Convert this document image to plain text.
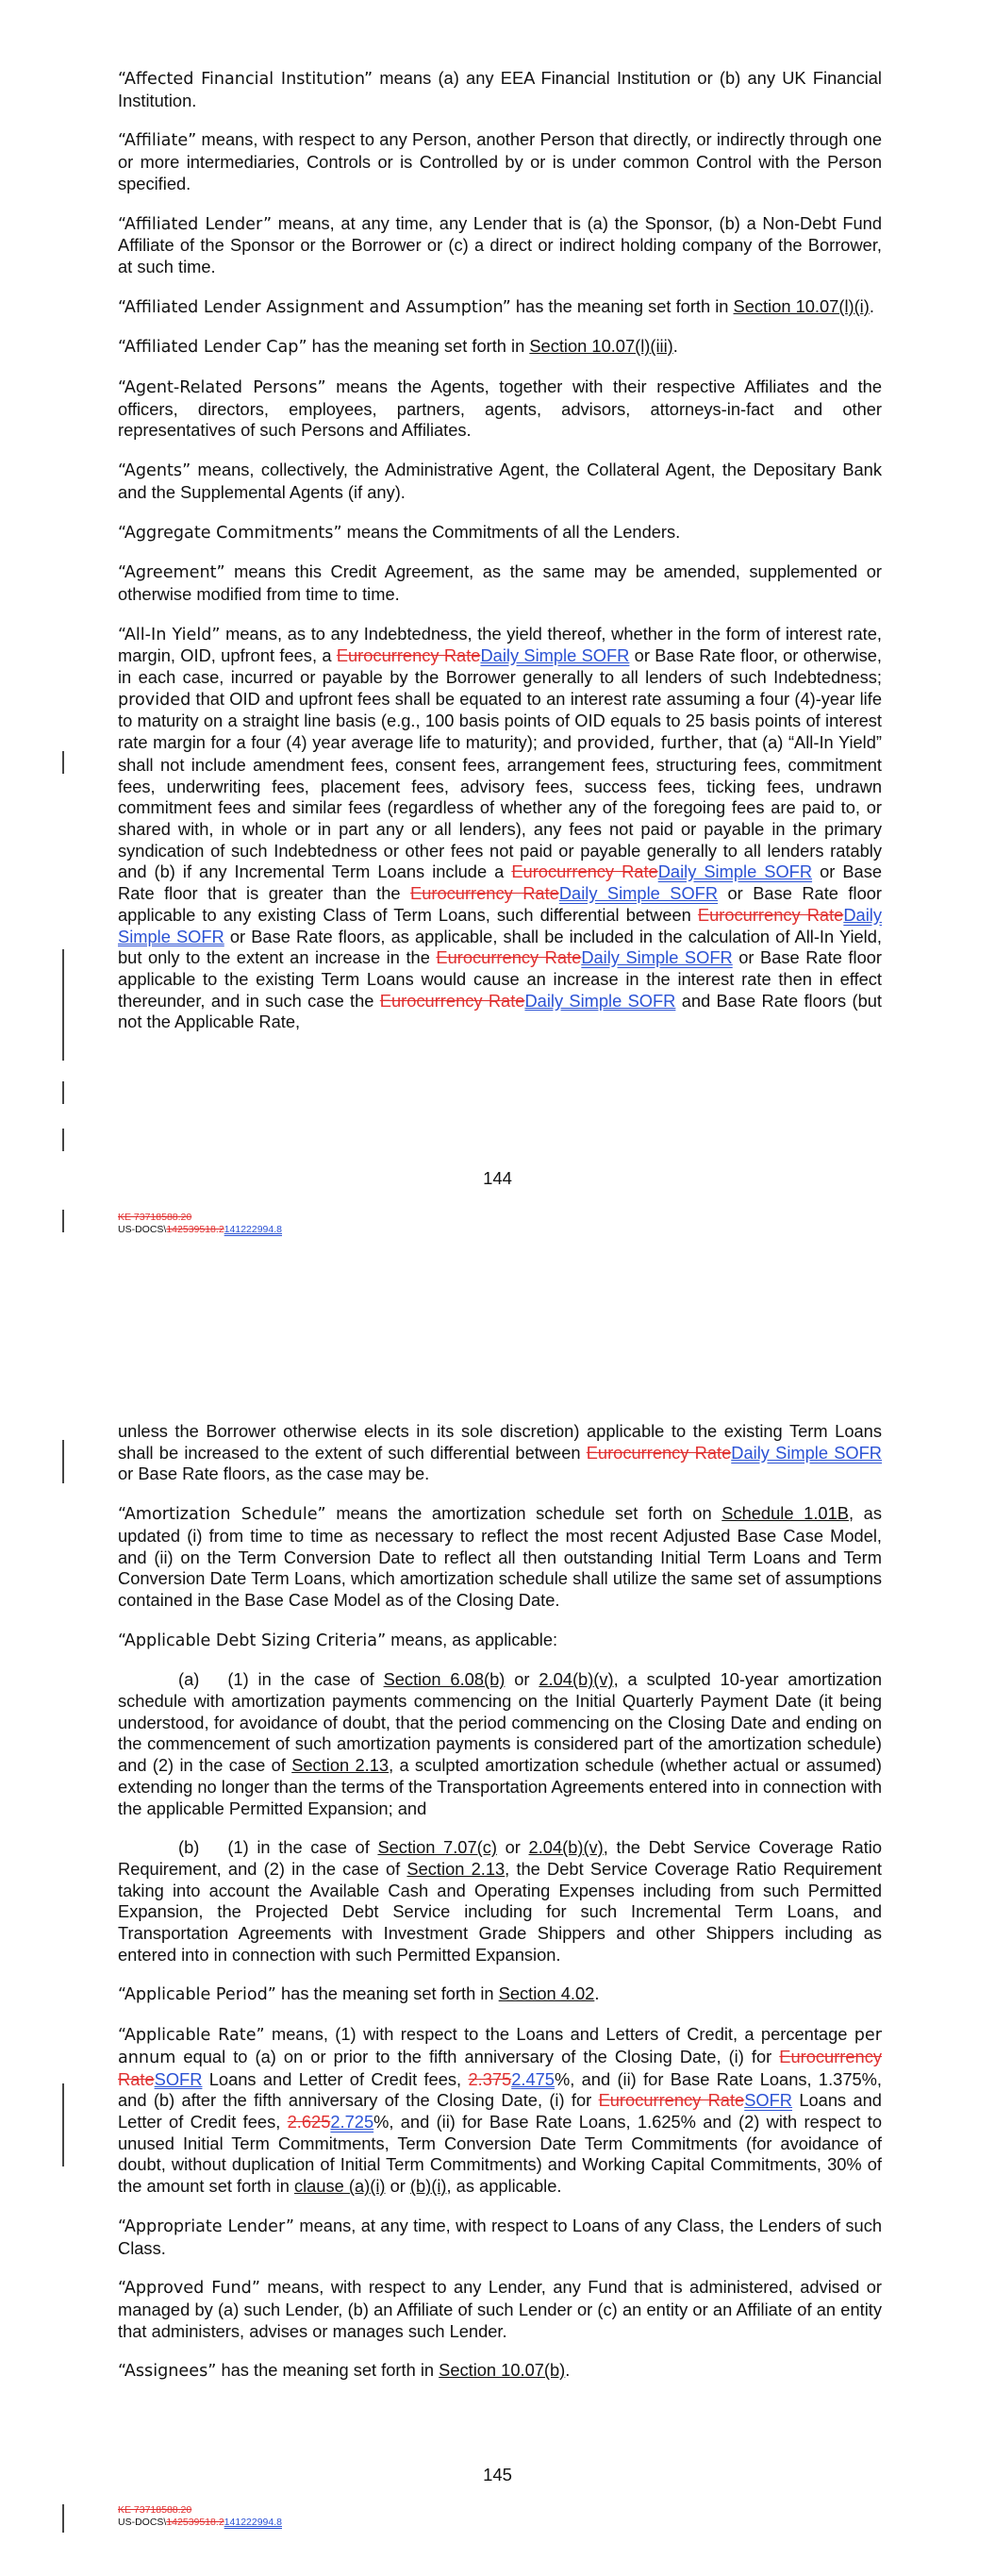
“Affected Financial Institution” means (a) any EEA Financial Institution or (b) any UK Financial Institution.

“Affiliate” means, with respect to any Person, another Person that directly, or indirectly through one or more intermediaries, Controls or is Controlled by or is under common Control with the Person specified.

“Affiliated Lender” means, at any time, any Lender that is (a) the Sponsor, (b) a Non-Debt Fund Affiliate of the Sponsor or the Borrower or (c) a direct or indirect holding company of the Borrower, at such time.

“Affiliated Lender Assignment and Assumption” has the meaning set forth in Section 10.07(l)(i).

“Affiliated Lender Cap” has the meaning set forth in Section 10.07(l)(iii).

“Agent-Related Persons” means the Agents, together with their respective Affiliates and the officers, directors, employees, partners, agents, advisors, attorneys-in-fact and other representatives of such Persons and Affiliates.

“Agents” means, collectively, the Administrative Agent, the Collateral Agent, the Depositary Bank and the Supplemental Agents (if any).

“Aggregate Commitments” means the Commitments of all the Lenders.

“Agreement” means this Credit Agreement, as the same may be amended, supplemented or otherwise modified from time to time.

“All-In Yield” means, as to any Indebtedness, the yield thereof, whether in the form of interest rate, margin, OID, upfront fees, a Eurocurrency RateDaily Simple SOFR or Base Rate floor, or otherwise, in each case, incurred or payable by the Borrower generally to all lenders of such Indebtedness; provided that OID and upfront fees shall be equated to an interest rate assuming a four (4)-year life to maturity on a straight line basis (e.g., 100 basis points of OID equals to 25 basis points of interest rate margin for a four (4) year average life to maturity); and provided, further, that (a) “All-In Yield” shall not include amendment fees, consent fees, arrangement fees, structuring fees, commitment fees, underwriting fees, placement fees, advisory fees, success fees, ticking fees, undrawn commitment fees and similar fees (regardless of whether any of the foregoing fees are paid to, or shared with, in whole or in part any or all lenders), any fees not paid or payable in the primary syndication of such Indebtedness or other fees not paid or payable generally to all lenders ratably and (b) if any Incremental Term Loans include a Eurocurrency RateDaily Simple SOFR or Base Rate floor that is greater than the Eurocurrency RateDaily Simple SOFR or Base Rate floor applicable to any existing Class of Term Loans, such differential between Eurocurrency RateDaily Simple SOFR or Base Rate floors, as applicable, shall be included in the calculation of All-In Yield, but only to the extent an increase in the Eurocurrency RateDaily Simple SOFR or Base Rate floor applicable to the existing Term Loans would cause an increase in the interest rate then in effect thereunder, and in such case the Eurocurrency RateDaily Simple SOFR and Base Rate floors (but not the Applicable Rate,

144
KE 73718588.20
US-DOCS\142539518.2141222994.8

unless the Borrower otherwise elects in its sole discretion) applicable to the existing Term Loans shall be increased to the extent of such differential between Eurocurrency RateDaily Simple SOFR or Base Rate floors, as the case may be.

“Amortization Schedule” means the amortization schedule set forth on Schedule 1.01B, as updated (i) from time to time as necessary to reflect the most recent Adjusted Base Case Model, and (ii) on the Term Conversion Date to reflect all then outstanding Initial Term Loans and Term Conversion Date Term Loans, which amortization schedule shall utilize the same set of assumptions contained in the Base Case Model as of the Closing Date.

“Applicable Debt Sizing Criteria” means, as applicable:

(a) (1) in the case of Section 6.08(b) or 2.04(b)(v), a sculpted 10-year amortization schedule with amortization payments commencing on the Initial Quarterly Payment Date (it being understood, for avoidance of doubt, that the period commencing on the Closing Date and ending on the commencement of such amortization payments is considered part of the amortization schedule) and (2) in the case of Section 2.13, a sculpted amortization schedule (whether actual or assumed) extending no longer than the terms of the Transportation Agreements entered into in connection with the applicable Permitted Expansion; and

(b) (1) in the case of Section 7.07(c) or 2.04(b)(v), the Debt Service Coverage Ratio Requirement, and (2) in the case of Section 2.13, the Debt Service Coverage Ratio Requirement taking into account the Available Cash and Operating Expenses including from such Permitted Expansion, the Projected Debt Service including for such Incremental Term Loans, and Transportation Agreements with Investment Grade Shippers and other Shippers including as entered into in connection with such Permitted Expansion.

“Applicable Period” has the meaning set forth in Section 4.02.

“Applicable Rate” means, (1) with respect to the Loans and Letters of Credit, a percentage per annum equal to (a) on or prior to the fifth anniversary of the Closing Date, (i) for Eurocurrency RateSOFR Loans and Letter of Credit fees, 2.3752.475%, and (ii) for Base Rate Loans, 1.375%, and (b) after the fifth anniversary of the Closing Date, (i) for Eurocurrency RateSOFR Loans and Letter of Credit fees, 2.6252.725%, and (ii) for Base Rate Loans, 1.625% and (2) with respect to unused Initial Term Commitments, Term Conversion Date Term Commitments (for avoidance of doubt, without duplication of Initial Term Commitments) and Working Capital Commitments, 30% of the amount set forth in clause (a)(i) or (b)(i), as applicable.

“Appropriate Lender” means, at any time, with respect to Loans of any Class, the Lenders of such Class.

“Approved Fund” means, with respect to any Lender, any Fund that is administered, advised or managed by (a) such Lender, (b) an Affiliate of such Lender or (c) an entity or an Affiliate of an entity that administers, advises or manages such Lender.

“Assignees” has the meaning set forth in Section 10.07(b).

145
KE 73718588.20
US-DOCS\142539518.2141222994.8
